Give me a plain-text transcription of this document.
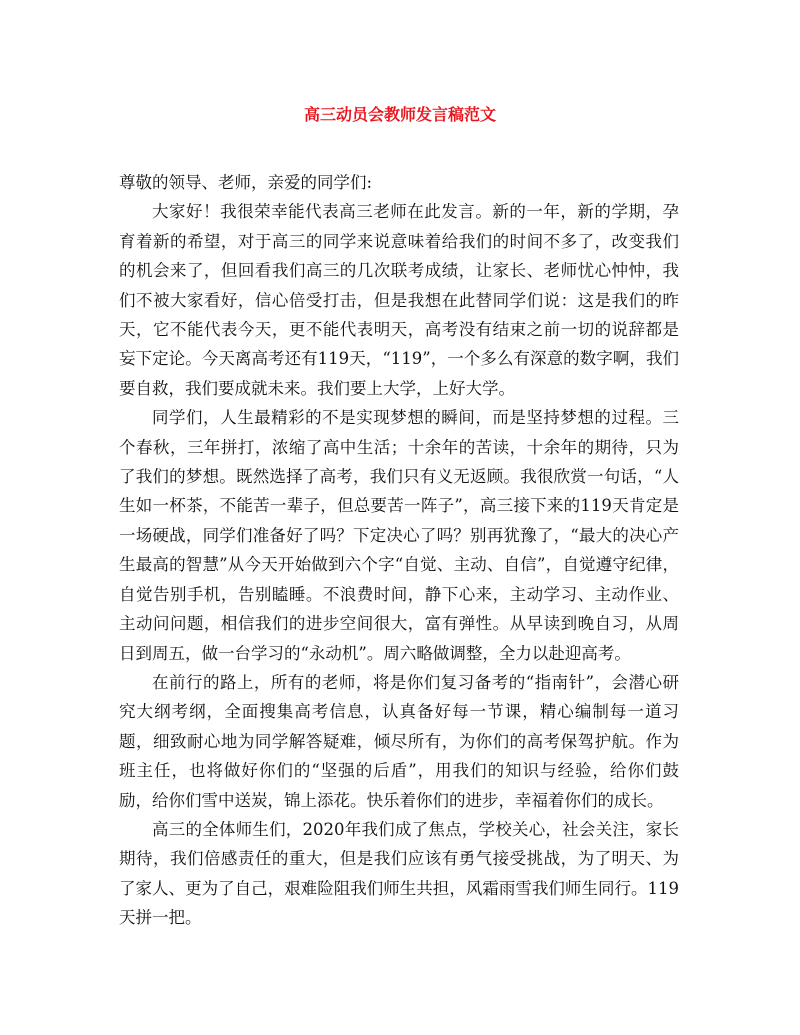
高三动员会教师发言稿范文

尊敬的领导、老师，亲爱的同学们:

大家好！我很荣幸能代表高三老师在此发言。新的一年，新的学期，孕育着新的希望，对于高三的同学来说意味着给我们的时间不多了，改变我们的机会来了，但回看我们高三的几次联考成绩，让家长、老师忧心忡忡，我们不被大家看好，信心倍受打击，但是我想在此替同学们说：这是我们的昨天，它不能代表今天，更不能代表明天，高考没有结束之前一切的说辞都是妄下定论。今天离高考还有119天，“119”，一个多么有深意的数字啊，我们要自救，我们要成就未来。我们要上大学，上好大学。

同学们，人生最精彩的不是实现梦想的瞬间，而是坚持梦想的过程。三个春秋，三年拼打，浓缩了高中生活；十余年的苦读，十余年的期待，只为了我们的梦想。既然选择了高考，我们只有义无返顾。我很欣赏一句话，“人生如一杯茶，不能苦一辈子，但总要苦一阵子”，高三接下来的119天肯定是一场硬战，同学们准备好了吗？下定决心了吗？别再犹豫了，“最大的决心产生最高的智慧”从今天开始做到六个字“自觉、主动、自信”，自觉遵守纪律，自觉告别手机，告别瞌睡。不浪费时间，静下心来，主动学习、主动作业、主动问问题，相信我们的进步空间很大，富有弹性。从早读到晚自习，从周日到周五，做一台学习的“永动机”。周六略做调整，全力以赴迎高考。

在前行的路上，所有的老师，将是你们复习备考的“指南针”，会潜心研究大纲考纲，全面搜集高考信息，认真备好每一节课，精心编制每一道习题，细致耐心地为同学解答疑难，倾尽所有，为你们的高考保驾护航。作为班主任，也将做好你们的“坚强的后盾”，用我们的知识与经验，给你们鼓励，给你们雪中送炭，锦上添花。快乐着你们的进步，幸福着你们的成长。

高三的全体师生们，2020年我们成了焦点，学校关心，社会关注，家长期待，我们倍感责任的重大，但是我们应该有勇气接受挑战，为了明天、为了家人、更为了自己，艰难险阻我们师生共担，风霜雨雪我们师生同行。119天拼一把。
